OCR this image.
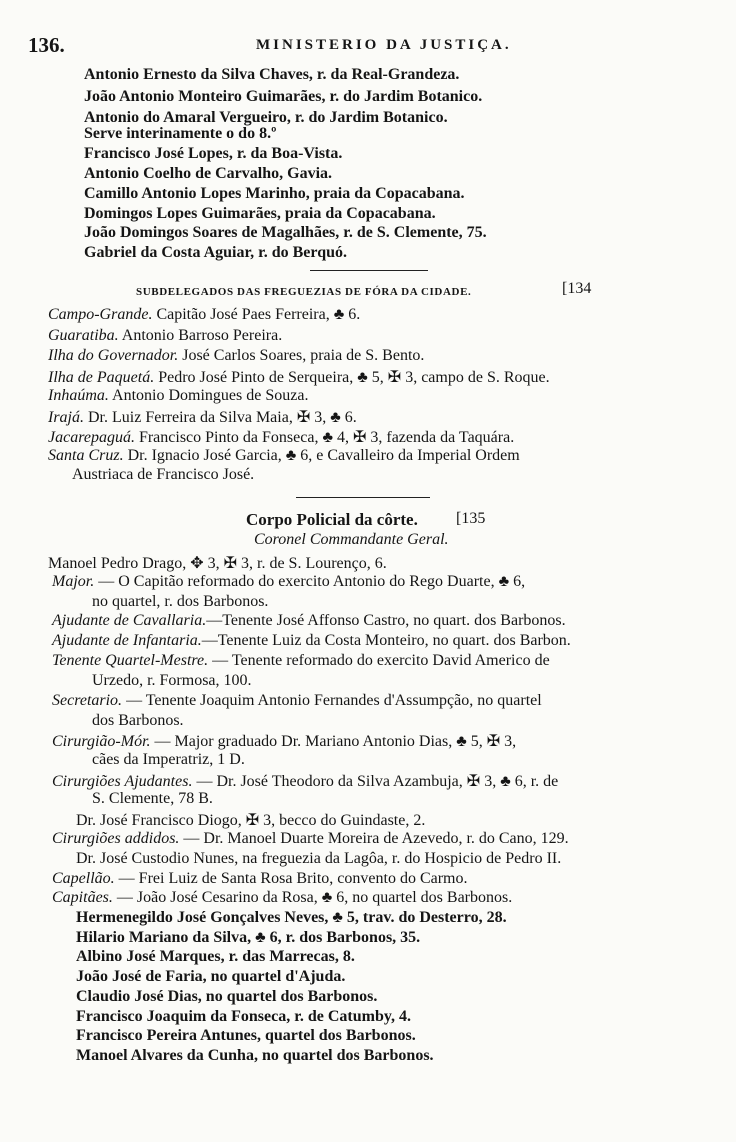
136.	MINISTERIO DA JUSTIÇA.
Antonio Ernesto da Silva Chaves, r. da Real-Grandeza.
João Antonio Monteiro Guimarães, r. do Jardim Botanico.
Antonio do Amaral Vergueiro, r. do Jardim Botanico.
Serve interinamente o do 8.º
Francisco José Lopes, r. da Boa-Vista.
Antonio Coelho de Carvalho, Gavia.
Camillo Antonio Lopes Marinho, praia da Copacabana.
Domingos Lopes Guimarães, praia da Copacabana.
João Domingos Soares de Magalhães, r. de S. Clemente, 75.
Gabriel da Costa Aguiar, r. do Berquó.
SUBDELEGADOS DAS FREGUEZIAS DE FÓRA DA CIDADE.	[134
Campo-Grande. Capitão José Paes Ferreira, ♣ 6.
Guaratiba. Antonio Barroso Pereira.
Ilha do Governador. José Carlos Soares, praia de S. Bento.
Ilha de Paquetá. Pedro José Pinto de Serqueira, ♣ 5, ✠ 3, campo de S. Roque.
Inhaúma. Antonio Domingues de Souza.
Irajá. Dr. Luiz Ferreira da Silva Maia, ✠ 3, ♣ 6.
Jacarepaguá. Francisco Pinto da Fonseca, ♣ 4, ✠ 3, fazenda da Taquára.
Santa Cruz. Dr. Ignacio José Garcia, ♣ 6, e Cavalleiro da Imperial Ordem
Austriaca de Francisco José.
Corpo Policial da côrte. [135
Coronel Commandante Geral.
Manoel Pedro Drago, ✥ 3, ✠ 3, r. de S. Lourenço, 6.
Major. — O Capitão reformado do exercito Antonio do Rego Duarte, ♣ 6,
no quartel, r. dos Barbonos.
Ajudante de Cavallaria.—Tenente José Affonso Castro, no quart. dos Barbonos.
Ajudante de Infantaria.—Tenente Luiz da Costa Monteiro, no quart. dos Barbon.
Tenente Quartel-Mestre. — Tenente reformado do exercito David Americo de
Urzedo, r. Formosa, 100.
Secretario. — Tenente Joaquim Antonio Fernandes d'Assumpção, no quartel
dos Barbonos.
Cirurgião-Mór. — Major graduado Dr. Mariano Antonio Dias, ♣ 5, ✠ 3,
cães da Imperatriz, 1 D.
Cirurgiões Ajudantes. — Dr. José Theodoro da Silva Azambuja, ✠ 3, ♣ 6, r. de
S. Clemente, 78 B.
Dr. José Francisco Diogo, ✠ 3, becco do Guindaste, 2.
Cirurgiões addidos. — Dr. Manoel Duarte Moreira de Azevedo, r. do Cano, 129.
Dr. José Custodio Nunes, na freguezia da Lagôa, r. do Hospicio de Pedro II.
Capellão. — Frei Luiz de Santa Rosa Brito, convento do Carmo.
Capitães. — João José Cesarino da Rosa, ♣ 6, no quartel dos Barbonos.
Hermenegildo José Gonçalves Neves, ♣ 5, trav. do Desterro, 28.
Hilario Mariano da Silva, ♣ 6, r. dos Barbonos, 35.
Albino José Marques, r. das Marrecas, 8.
João José de Faria, no quartel d'Ajuda.
Claudio José Dias, no quartel dos Barbonos.
Francisco Joaquim da Fonseca, r. de Catumby, 4.
Francisco Pereira Antunes, quartel dos Barbonos.
Manoel Alvares da Cunha, no quartel dos Barbonos.
